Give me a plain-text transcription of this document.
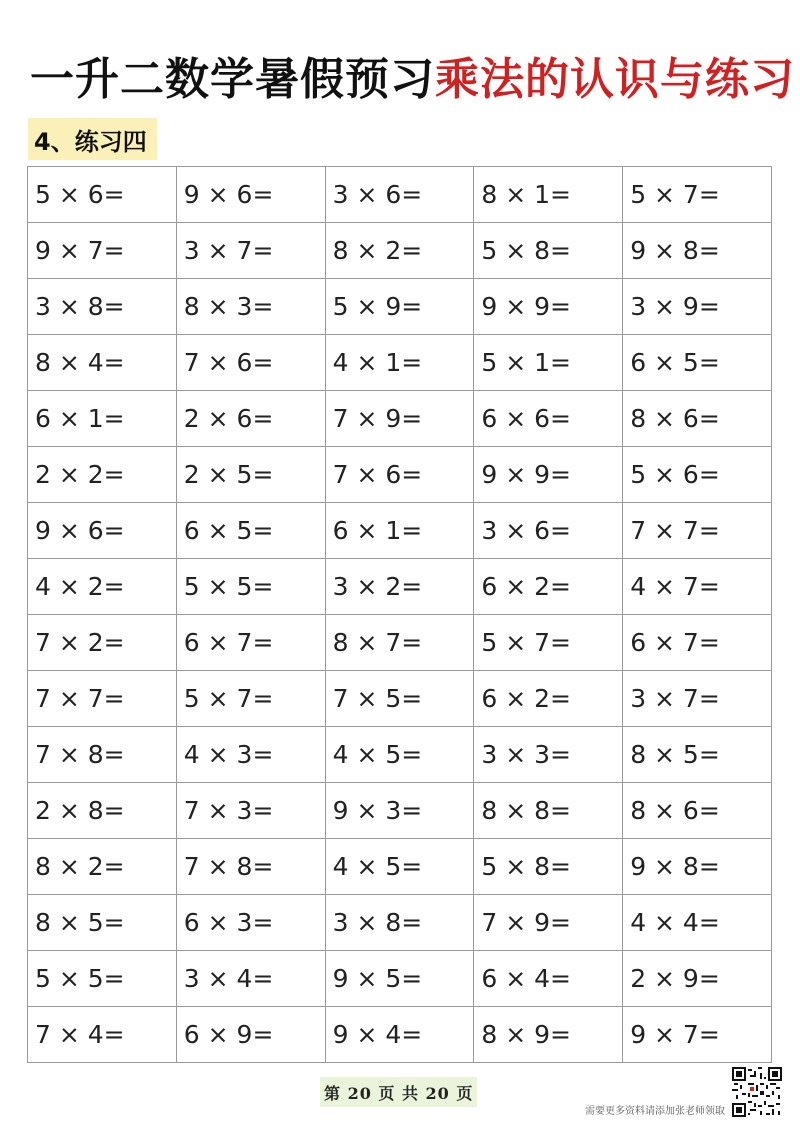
一升二数学暑假预习 乘法的认识与练习
4、练习四
5 × 6=	9 × 6=	3 × 6=	8 × 1=	5 × 7=
9 × 7=	3 × 7=	8 × 2=	5 × 8=	9 × 8=
3 × 8=	8 × 3=	5 × 9=	9 × 9=	3 × 9=
8 × 4=	7 × 6=	4 × 1=	5 × 1=	6 × 5=
6 × 1=	2 × 6=	7 × 9=	6 × 6=	8 × 6=
2 × 2=	2 × 5=	7 × 6=	9 × 9=	5 × 6=
9 × 6=	6 × 5=	6 × 1=	3 × 6=	7 × 7=
4 × 2=	5 × 5=	3 × 2=	6 × 2=	4 × 7=
7 × 2=	6 × 7=	8 × 7=	5 × 7=	6 × 7=
7 × 7=	5 × 7=	7 × 5=	6 × 2=	3 × 7=
7 × 8=	4 × 3=	4 × 5=	3 × 3=	8 × 5=
2 × 8=	7 × 3=	9 × 3=	8 × 8=	8 × 6=
8 × 2=	7 × 8=	4 × 5=	5 × 8=	9 × 8=
8 × 5=	6 × 3=	3 × 8=	7 × 9=	4 × 4=
5 × 5=	3 × 4=	9 × 5=	6 × 4=	2 × 9=
7 × 4=	6 × 9=	9 × 4=	8 × 9=	9 × 7=
第 20 页 共 20 页
需要更多资料请添加张老师领取
